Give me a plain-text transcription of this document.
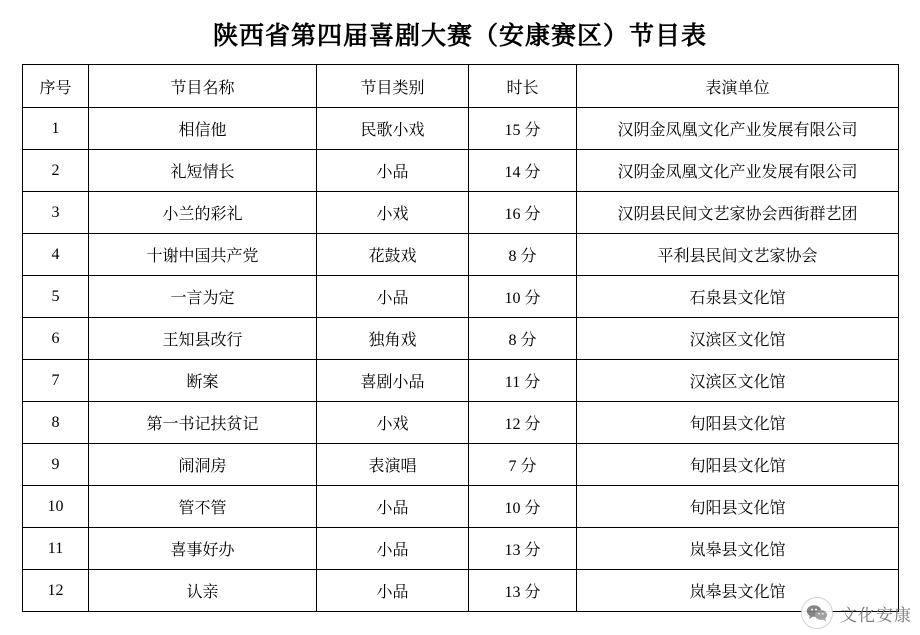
陕西省第四届喜剧大赛（安康赛区）节目表
序号	节目名称	节目类别	时长	表演单位
1	相信他	民歌小戏	15 分	汉阴金凤凰文化产业发展有限公司
2	礼短情长	小品	14 分	汉阴金凤凰文化产业发展有限公司
3	小兰的彩礼	小戏	16 分	汉阴县民间文艺家协会西街群艺团
4	十谢中国共产党	花鼓戏	8 分	平利县民间文艺家协会
5	一言为定	小品	10 分	石泉县文化馆
6	王知县改行	独角戏	8 分	汉滨区文化馆
7	断案	喜剧小品	11 分	汉滨区文化馆
8	第一书记扶贫记	小戏	12 分	旬阳县文化馆
9	闹洞房	表演唱	7 分	旬阳县文化馆
10	管不管	小品	10 分	旬阳县文化馆
11	喜事好办	小品	13 分	岚皋县文化馆
12	认亲	小品	13 分	岚皋县文化馆
文化安康
